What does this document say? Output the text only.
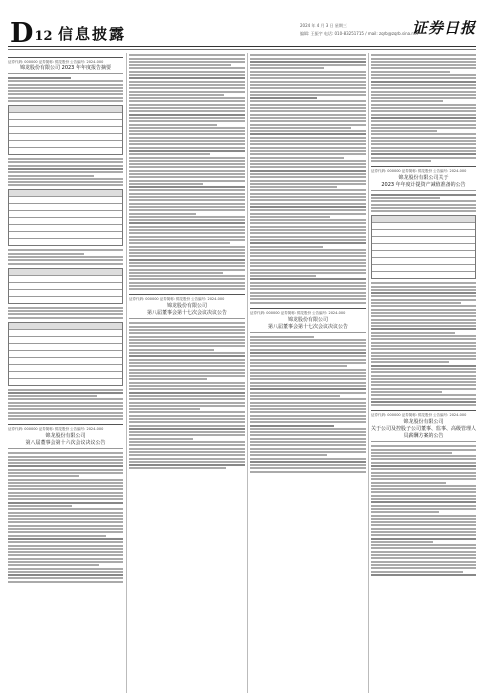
D12 信息披露	2024 年 4 月 3 日 星期三
编辑: 王振宇 电话: 010-83251715 / mail: zqrb@zqrb.sina.net
证券日报
证券代码: 000000 证券简称: 锦龙股份 公告编号: 2024-000
锦龙股份有限公司 2023 年年度报告摘要
证券代码: 000000 证券简称: 锦龙股份 公告编号: 2024-000
锦龙股份有限公司
第八届董事会第十六次会议决议公告
证券代码: 000000 证券简称: 锦龙股份 公告编号: 2024-000
锦龙股份有限公司
第八届董事会第十七次会议决议公告	证券代码: 000000 证券简称: 锦龙股份 公告编号: 2024-000
锦龙股份有限公司
第八届董事会第十七次会议决议公告
证券代码: 000000 证券简称: 锦龙股份 公告编号: 2024-000
锦龙股份有限公司关于
2023 年年度计提资产减值准备的公告
证券代码: 000000 证券简称: 锦龙股份 公告编号: 2024-000
锦龙股份有限公司
关于公司及控股子公司董事、监事、高级管理人员薪酬方案的公告
